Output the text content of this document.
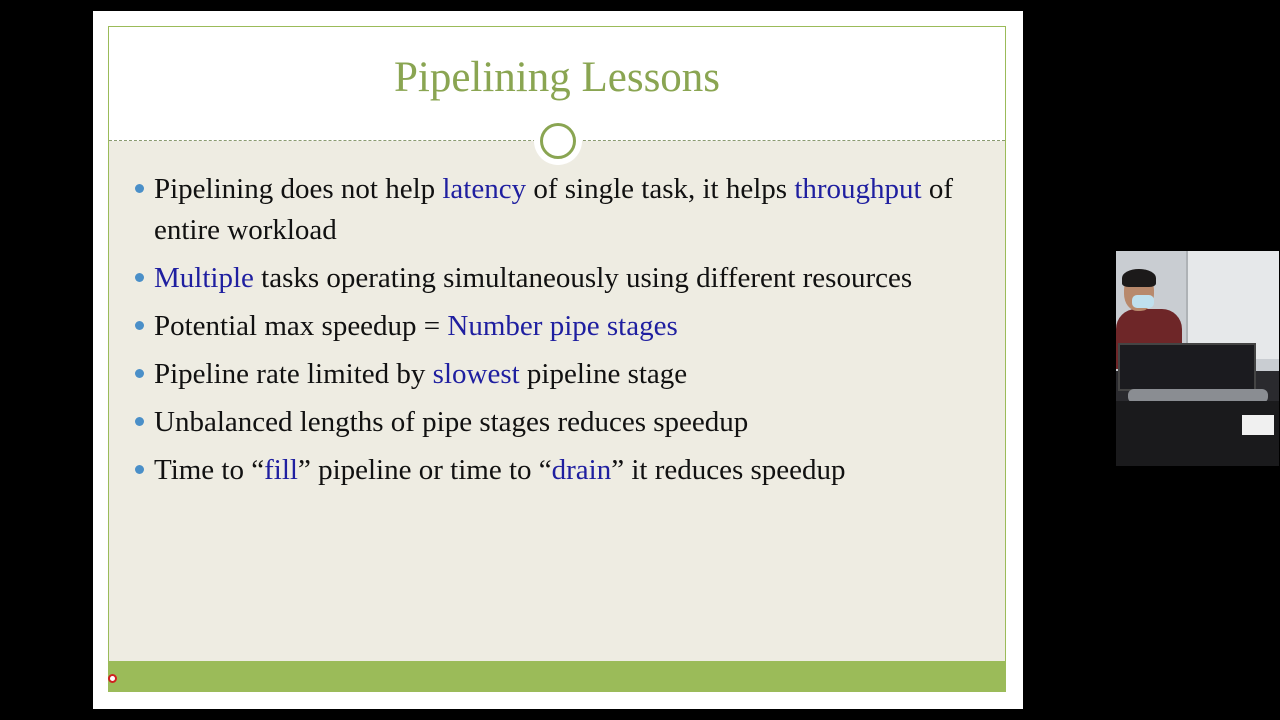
Pipelining Lessons
Pipelining does not help latency of single task, it helps throughput of entire workload
Multiple tasks operating simultaneously using different resources
Potential max speedup = Number pipe stages
Pipeline rate limited by slowest pipeline stage
Unbalanced lengths of pipe stages reduces speedup
Time to “fill” pipeline or time to “drain” it reduces speedup
